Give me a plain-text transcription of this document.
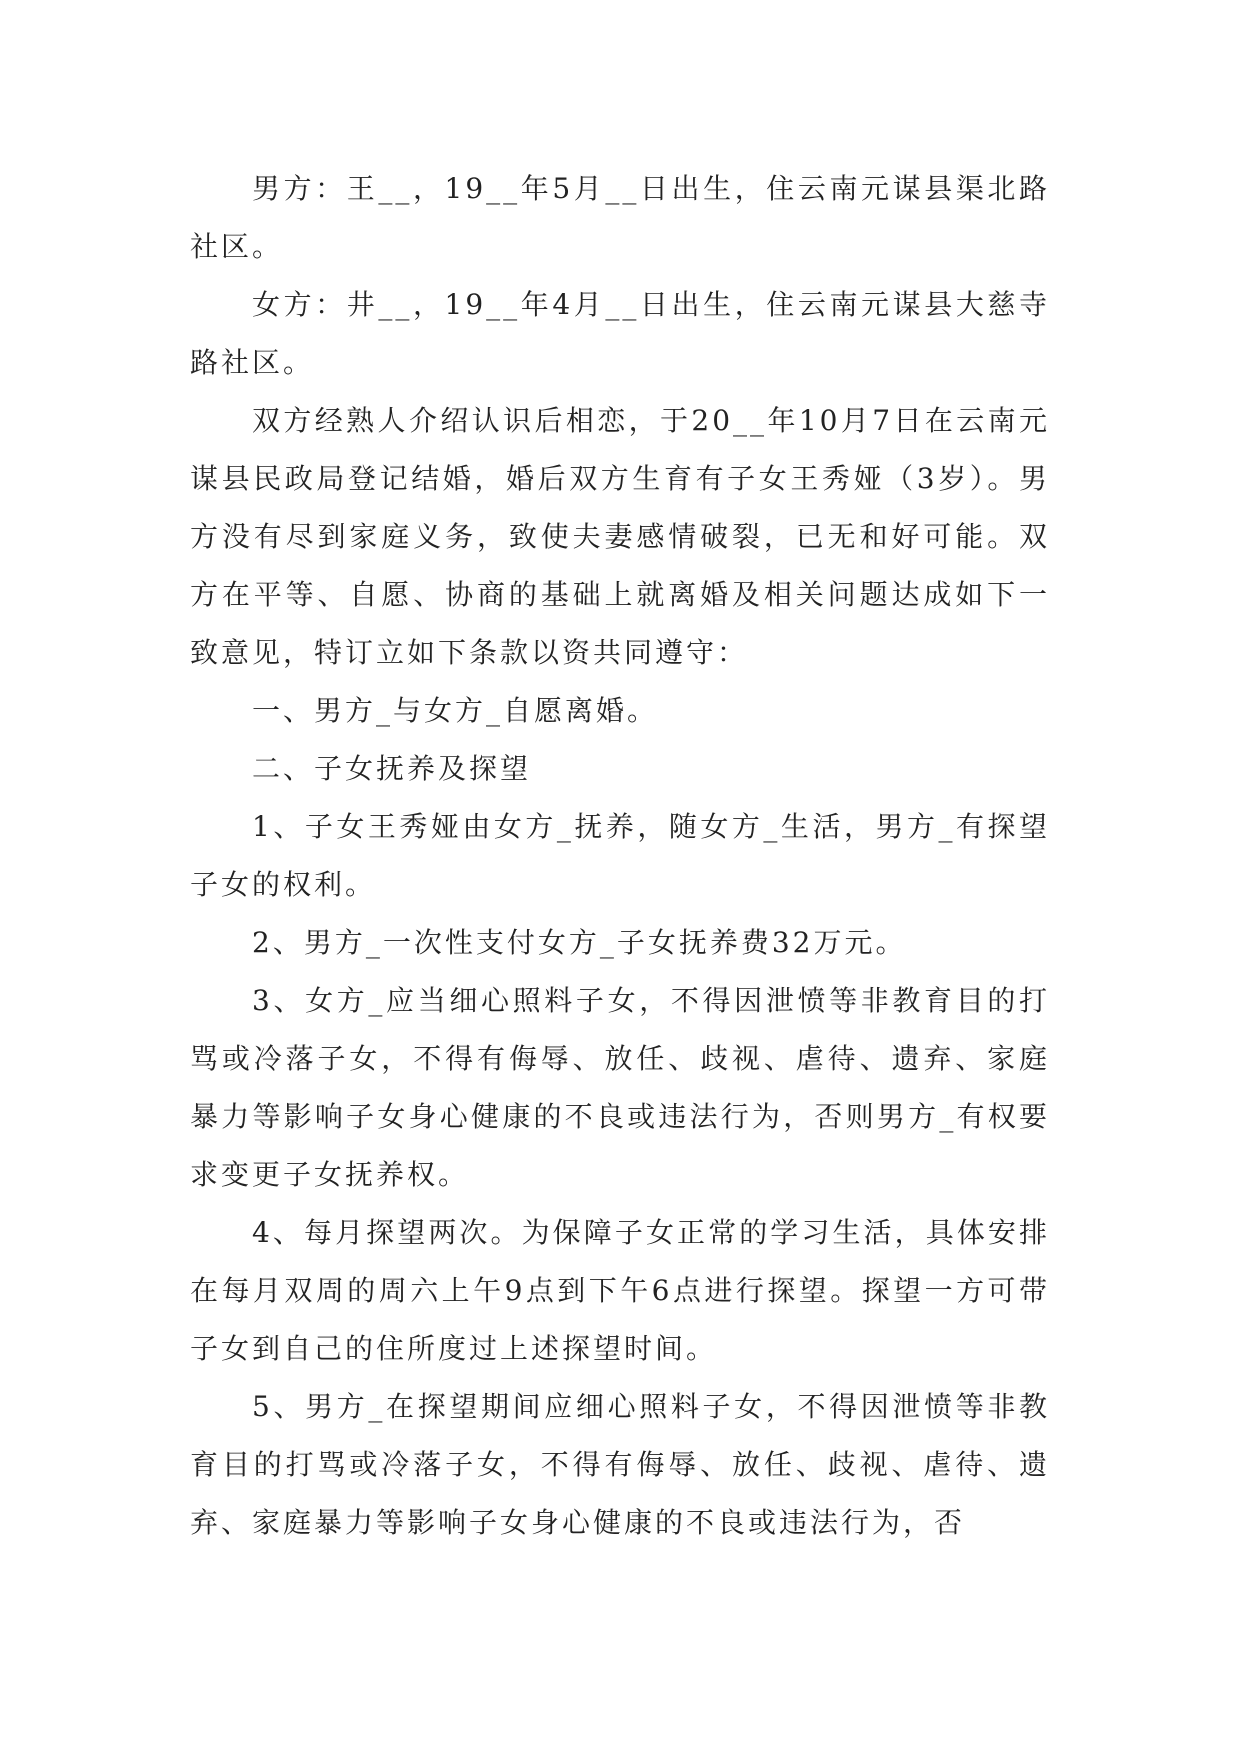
男方：王__，19__年5月__日出生，住云南元谋县渠北路社区。

女方：井__，19__年4月__日出生，住云南元谋县大慈寺路社区。

双方经熟人介绍认识后相恋，于20__年10月7日在云南元谋县民政局登记结婚，婚后双方生育有子女王秀娅（3岁）。男方没有尽到家庭义务，致使夫妻感情破裂，已无和好可能。双方在平等、自愿、协商的基础上就离婚及相关问题达成如下一致意见，特订立如下条款以资共同遵守：

一、男方_与女方_自愿离婚。

二、子女抚养及探望

1、子女王秀娅由女方_抚养，随女方_生活，男方_有探望子女的权利。

2、男方_一次性支付女方_子女抚养费32万元。

3、女方_应当细心照料子女，不得因泄愤等非教育目的打骂或冷落子女，不得有侮辱、放任、歧视、虐待、遗弃、家庭暴力等影响子女身心健康的不良或违法行为，否则男方_有权要求变更子女抚养权。

4、每月探望两次。为保障子女正常的学习生活，具体安排在每月双周的周六上午9点到下午6点进行探望。探望一方可带子女到自己的住所度过上述探望时间。

5、男方_在探望期间应细心照料子女，不得因泄愤等非教育目的打骂或冷落子女，不得有侮辱、放任、歧视、虐待、遗弃、家庭暴力等影响子女身心健康的不良或违法行为，否
